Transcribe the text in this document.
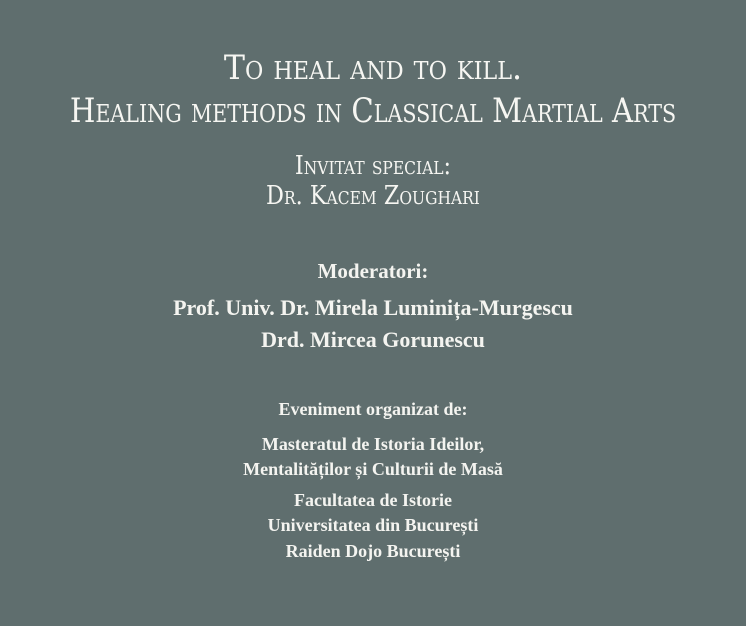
To heal and to kill.
Healing methods in Classical Martial Arts
Invitat special:
Dr. Kacem Zoughari
Moderatori:
Prof. Univ. Dr. Mirela Luminița-Murgescu
Drd. Mircea Gorunescu
Eveniment organizat de:
Masteratul de Istoria Ideilor,
Mentalităților și Culturii de Masă
Facultatea de Istorie
Universitatea din București
Raiden Dojo București
